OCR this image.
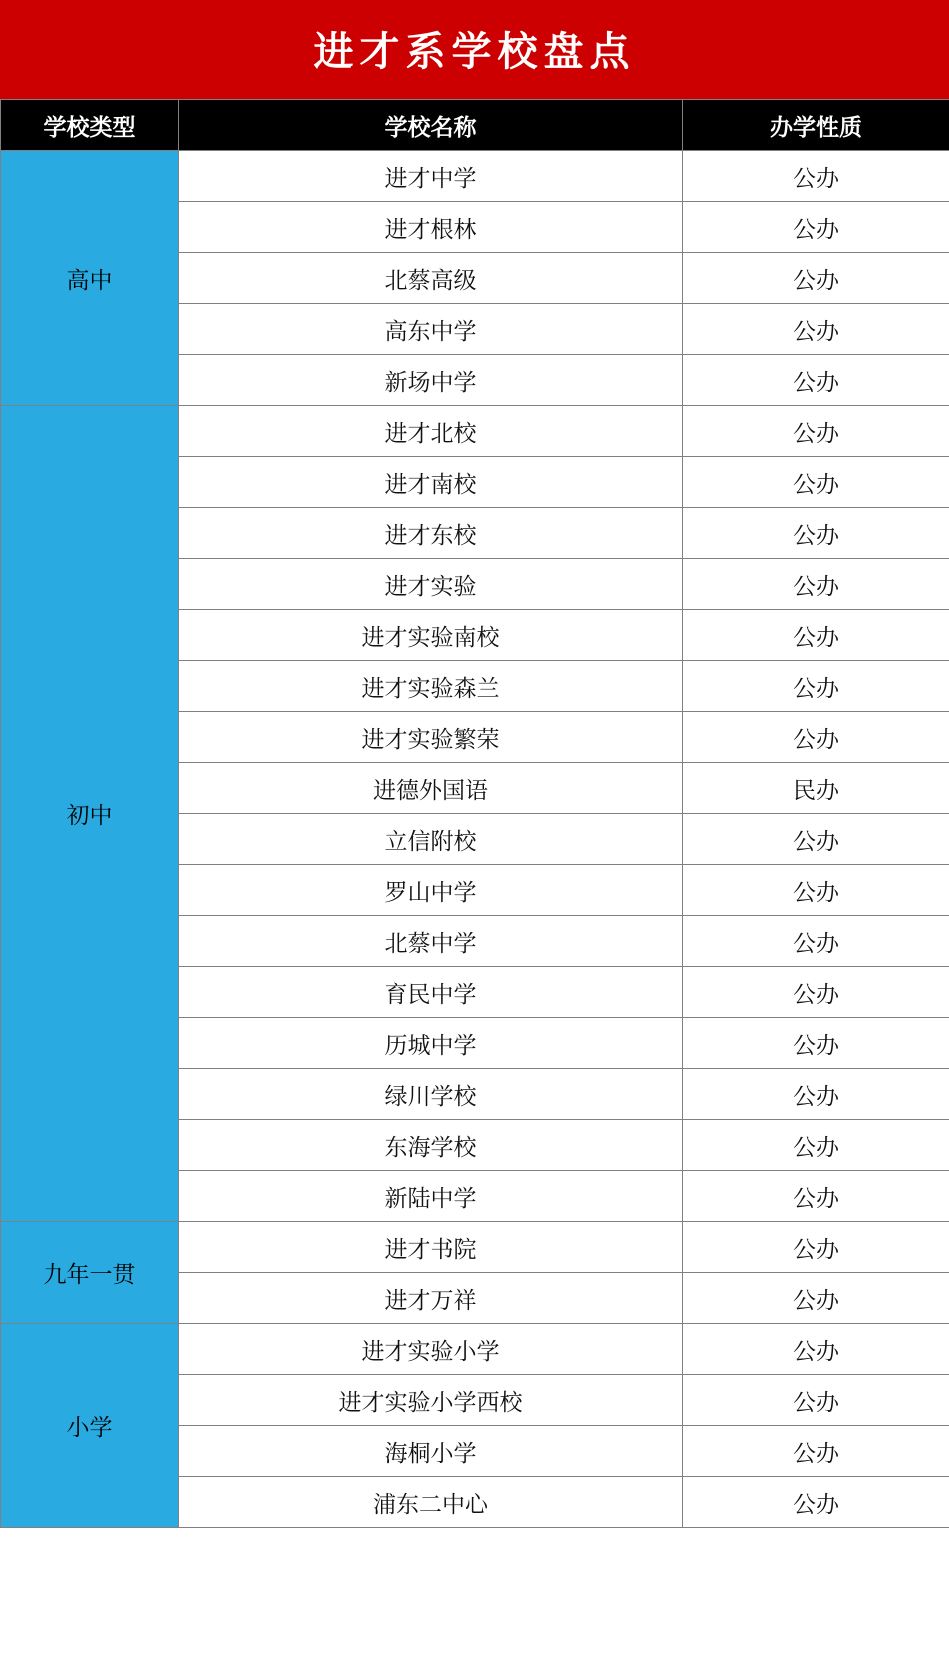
进才系学校盘点
学校类型	学校名称	办学性质
高中	进才中学	公办
	进才根林	公办
	北蔡高级	公办
	高东中学	公办
	新场中学	公办
初中	进才北校	公办
	进才南校	公办
	进才东校	公办
	进才实验	公办
	进才实验南校	公办
	进才实验森兰	公办
	进才实验繁荣	公办
	进德外国语	民办
	立信附校	公办
	罗山中学	公办
	北蔡中学	公办
	育民中学	公办
	历城中学	公办
	绿川学校	公办
	东海学校	公办
	新陆中学	公办
九年一贯	进才书院	公办
	进才万祥	公办
小学	进才实验小学	公办
	进才实验小学西校	公办
	海桐小学	公办
	浦东二中心	公办
